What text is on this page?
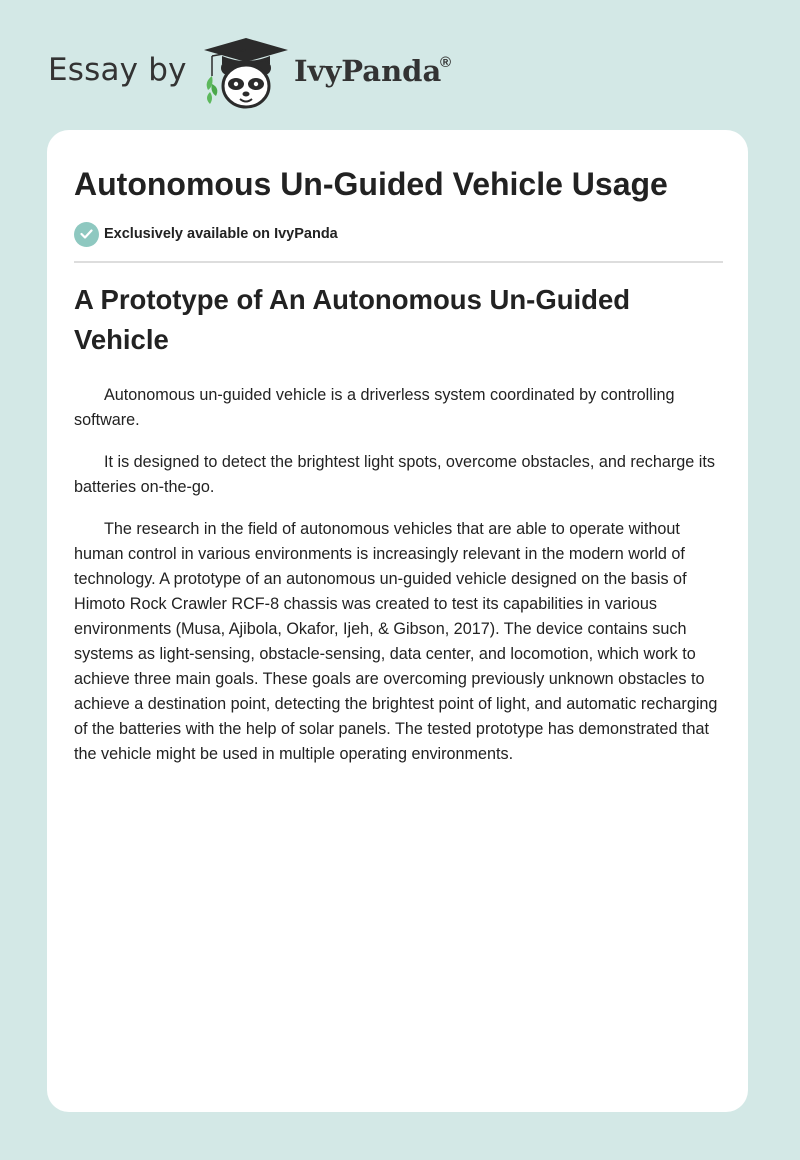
Essay by	IvyPanda
®
Autonomous Un-Guided Vehicle Usage
Exclusively available on IvyPanda
A Prototype of An Autonomous Un-Guided Vehicle

Autonomous un-guided vehicle is a driverless system coordinated by controlling software.

It is designed to detect the brightest light spots, overcome obstacles, and recharge its batteries on-the-go.

The research in the field of autonomous vehicles that are able to operate without human control in various environments is increasingly relevant in the modern world of technology. A prototype of an autonomous un-guided vehicle designed on the basis of Himoto Rock Crawler RCF-8 chassis was created to test its capabilities in various environments (Musa, Ajibola, Okafor, Ijeh, & Gibson, 2017). The device contains such systems as light-sensing, obstacle-sensing, data center, and locomotion, which work to achieve three main goals. These goals are overcoming previously unknown obstacles to achieve a destination point, detecting the brightest point of light, and automatic recharging of the batteries with the help of solar panels. The tested prototype has demonstrated that the vehicle might be used in multiple operating environments.
